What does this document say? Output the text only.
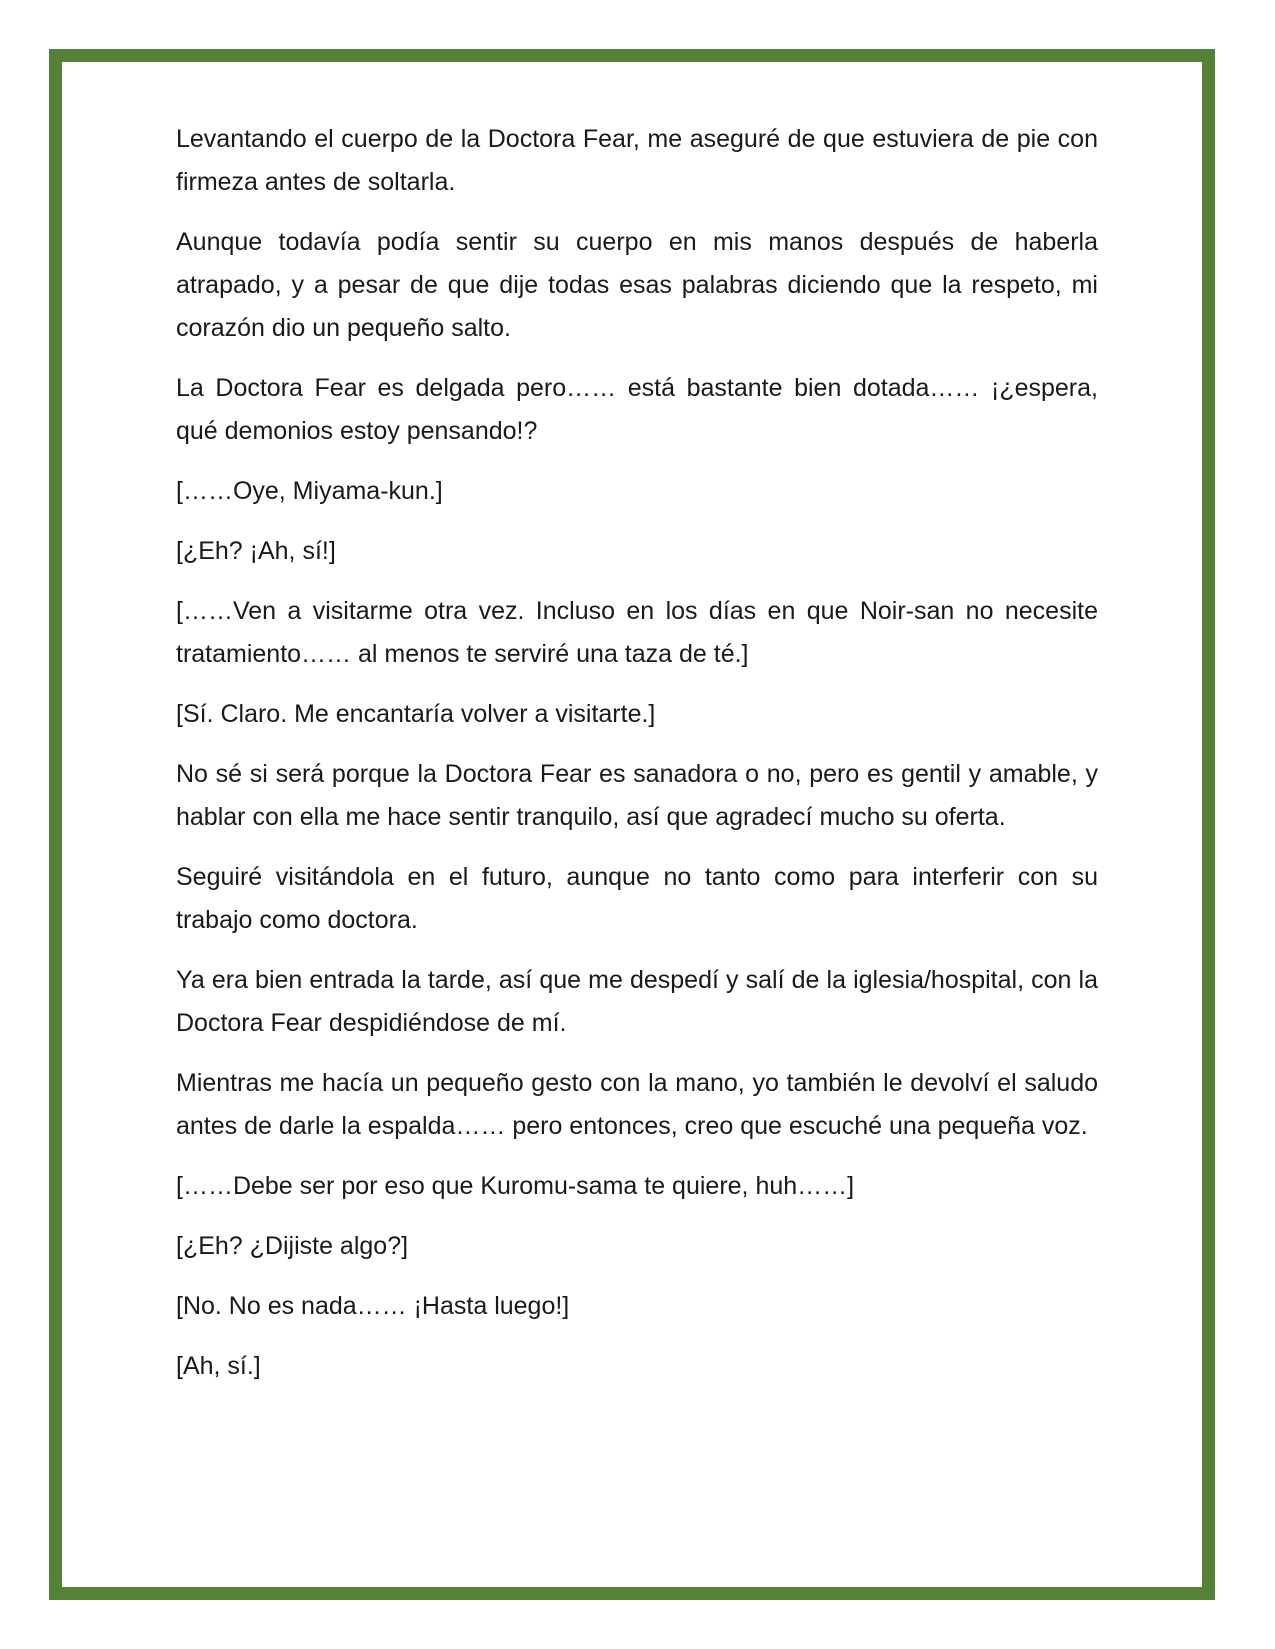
Levantando el cuerpo de la Doctora Fear, me aseguré de que estuviera de pie con firmeza antes de soltarla.

Aunque todavía podía sentir su cuerpo en mis manos después de haberla atrapado, y a pesar de que dije todas esas palabras diciendo que la respeto, mi corazón dio un pequeño salto.

La Doctora Fear es delgada pero…… está bastante bien dotada…… ¡¿espera, qué demonios estoy pensando!?

[……Oye, Miyama-kun.]

[¿Eh? ¡Ah, sí!]

[……Ven a visitarme otra vez. Incluso en los días en que Noir-san no necesite tratamiento…… al menos te serviré una taza de té.]

[Sí. Claro. Me encantaría volver a visitarte.]

No sé si será porque la Doctora Fear es sanadora o no, pero es gentil y amable, y hablar con ella me hace sentir tranquilo, así que agradecí mucho su oferta.

Seguiré visitándola en el futuro, aunque no tanto como para interferir con su trabajo como doctora.

Ya era bien entrada la tarde, así que me despedí y salí de la iglesia/hospital, con la Doctora Fear despidiéndose de mí.

Mientras me hacía un pequeño gesto con la mano, yo también le devolví el saludo antes de darle la espalda…… pero entonces, creo que escuché una pequeña voz.

[……Debe ser por eso que Kuromu-sama te quiere, huh……]

[¿Eh? ¿Dijiste algo?]

[No. No es nada…… ¡Hasta luego!]

[Ah, sí.]
